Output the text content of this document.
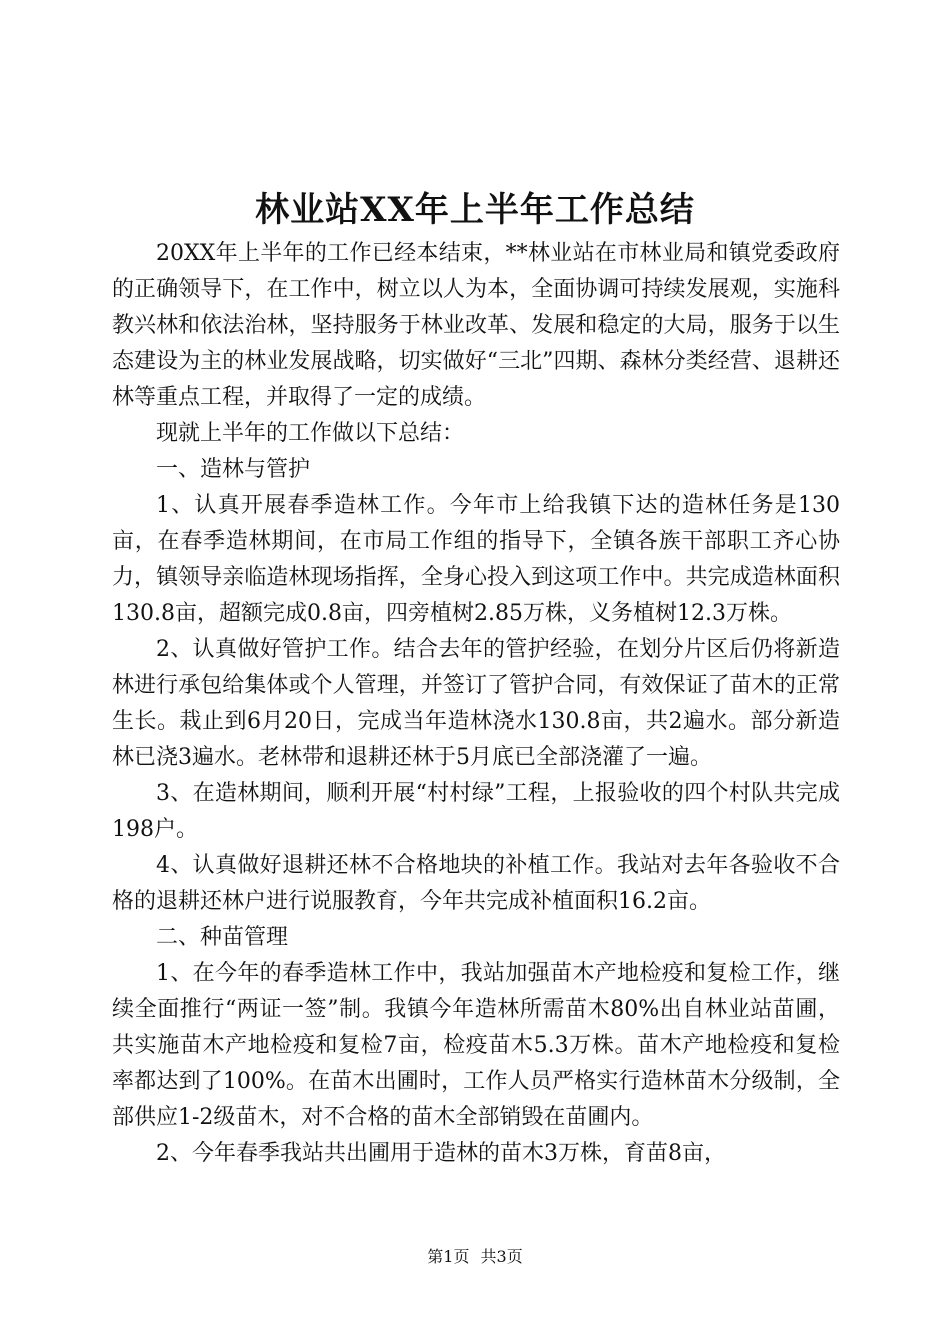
林业站XX年上半年工作总结

20XX年上半年的工作已经本结束，**林业站在市林业局和镇党委政府的正确领导下，在工作中，树立以人为本，全面协调可持续发展观，实施科教兴林和依法治林，坚持服务于林业改革、发展和稳定的大局，服务于以生态建设为主的林业发展战略，切实做好“三北”四期、森林分类经营、退耕还林等重点工程，并取得了一定的成绩。

现就上半年的工作做以下总结：

一、造林与管护

1、认真开展春季造林工作。今年市上给我镇下达的造林任务是130亩，在春季造林期间，在市局工作组的指导下，全镇各族干部职工齐心协力，镇领导亲临造林现场指挥，全身心投入到这项工作中。共完成造林面积130.8亩，超额完成0.8亩，四旁植树2.85万株，义务植树12.3万株。

2、认真做好管护工作。结合去年的管护经验，在划分片区后仍将新造林进行承包给集体或个人管理，并签订了管护合同，有效保证了苗木的正常生长。栽止到6月20日，完成当年造林浇水130.8亩，共2遍水。部分新造林已浇3遍水。老林带和退耕还林于5月底已全部浇灌了一遍。

3、在造林期间，顺利开展“村村绿”工程，上报验收的四个村队共完成198户。

4、认真做好退耕还林不合格地块的补植工作。我站对去年各验收不合格的退耕还林户进行说服教育，今年共完成补植面积16.2亩。

二、种苗管理

1、在今年的春季造林工作中，我站加强苗木产地检疫和复检工作，继续全面推行“两证一签”制。我镇今年造林所需苗木80%出自林业站苗圃，共实施苗木产地检疫和复检7亩，检疫苗木5.3万株。苗木产地检疫和复检率都达到了100%。在苗木出圃时，工作人员严格实行造林苗木分级制，全部供应1-2级苗木，对不合格的苗木全部销毁在苗圃内。

2、今年春季我站共出圃用于造林的苗木3万株，育苗8亩，

第1页 共3页
